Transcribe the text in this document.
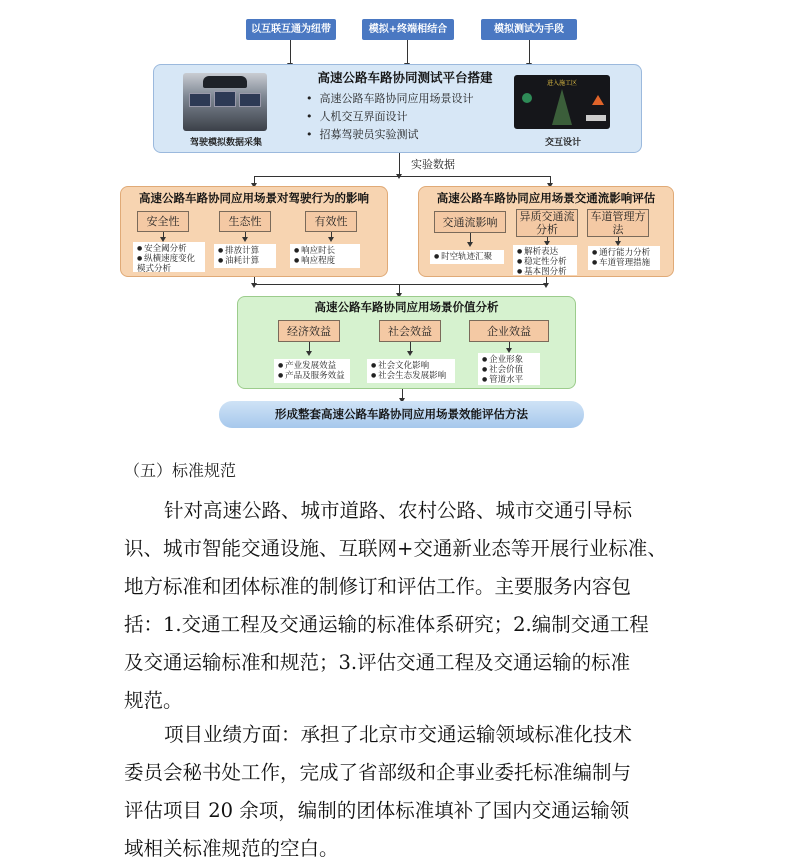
以互联互通为纽带	模拟+终端相结合	模拟测试为手段
驾驶模拟数据采集
高速公路车路协同测试平台搭建
•  高速公路车路协同应用场景设计
•  人机交互界面设计
•  招募驾驶员实验测试
进入施工区
交互设计
实验数据
高速公路车路协同应用场景对驾驶行为的影响
安全性	生态性	有效性
● 安全阈分析
● 纵横速度变化模式分析
● 排放计算
● 油耗计算
● 响应时长
● 响应程度
高速公路车路协同应用场景交通流影响评估
交通流影响	异质交通流分析
车道管理方法
● 时空轨迹汇聚
●	解析表达
● 稳定性分析
● 基本图分析
● 通行能力分析
● 车道管理措施
高速公路车路协同应用场景价值分析
经济效益	社会效益	企业效益
● 产业发展效益
● 产品及服务效益
● 社会文化影响
● 社会生态发展影响
● 企业形象
● 社会价值
● 管道水平
形成整套高速公路车路协同应用场景效能评估方法
（五）标准规范
针对高速公路、城市道路、农村公路、城市交通引导标
识、城市智能交通设施、互联网+交通新业态等开展行业标准、
地方标准和团体标准的制修订和评估工作。主要服务内容包
括：1.交通工程及交通运输的标准体系研究；2.编制交通工程
及交通运输标准和规范；3.评估交通工程及交通运输的标准
规范。
项目业绩方面：承担了北京市交通运输领域标准化技术
委员会秘书处工作，完成了省部级和企事业委托标准编制与
评估项目 20 余项，编制的团体标准填补了国内交通运输领
域相关标准规范的空白。
